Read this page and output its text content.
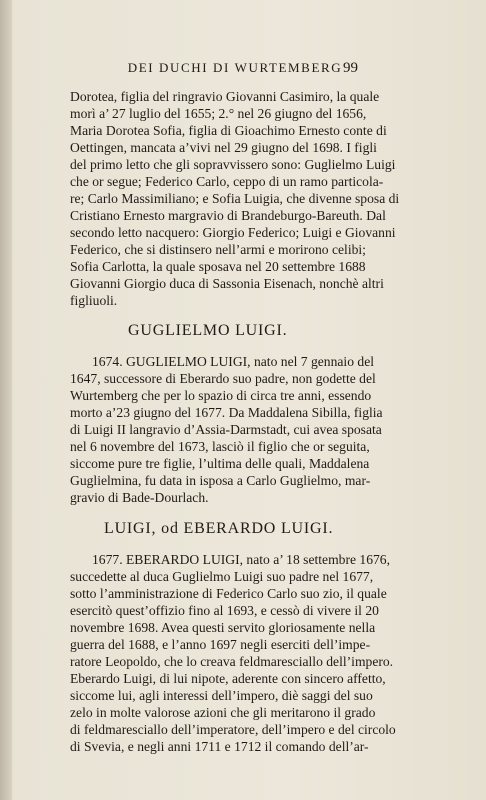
DEI DUCHI DI WURTEMBERG 99
Dorotea, figlia del ringravio Giovanni Casimiro, la quale
morì a’ 27 luglio del 1655; 2.° nel 26 giugno del 1656,
Maria Dorotea Sofia, figlia di Gioachimo Ernesto conte di
Oettingen, mancata a’vivi nel 29 giugno del 1698. I figli
del primo letto che gli sopravvissero sono: Guglielmo Luigi
che or segue; Federico Carlo, ceppo di un ramo particola-
re; Carlo Massimiliano; e Sofia Luigia, che divenne sposa di
Cristiano Ernesto margravio di Brandeburgo-Bareuth. Dal
secondo letto nacquero: Giorgio Federico; Luigi e Giovanni
Federico, che si distinsero nell’armi e morirono celibi;
Sofia Carlotta, la quale sposava nel 20 settembre 1688
Giovanni Giorgio duca di Sassonia Eisenach, nonchè altri
figliuoli.
GUGLIELMO LUIGI.
1674. GUGLIELMO LUIGI, nato nel 7 gennaio del
1647, successore di Eberardo suo padre, non godette del
Wurtemberg che per lo spazio di circa tre anni, essendo
morto a’23 giugno del 1677. Da Maddalena Sibilla, figlia
di Luigi II langravio d’Assia-Darmstadt, cui avea sposata
nel 6 novembre del 1673, lasciò il figlio che or seguita,
siccome pure tre figlie, l’ultima delle quali, Maddalena
Guglielmina, fu data in isposa a Carlo Guglielmo, mar-
gravio di Bade-Dourlach.
LUIGI, od EBERARDO LUIGI.
1677. EBERARDO LUIGI, nato a’ 18 settembre 1676,
succedette al duca Guglielmo Luigi suo padre nel 1677,
sotto l’amministrazione di Federico Carlo suo zio, il quale
esercitò quest’offizio fino al 1693, e cessò di vivere il 20
novembre 1698. Avea questi servito gloriosamente nella
guerra del 1688, e l’anno 1697 negli eserciti dell’impe-
ratore Leopoldo, che lo creava feldmaresciallo dell’impero.
Eberardo Luigi, di lui nipote, aderente con sincero affetto,
siccome lui, agli interessi dell’impero, diè saggi del suo
zelo in molte valorose azioni che gli meritarono il grado
di feldmaresciallo dell’imperatore, dell’impero e del circolo
di Svevia, e negli anni 1711 e 1712 il comando dell’ar-
